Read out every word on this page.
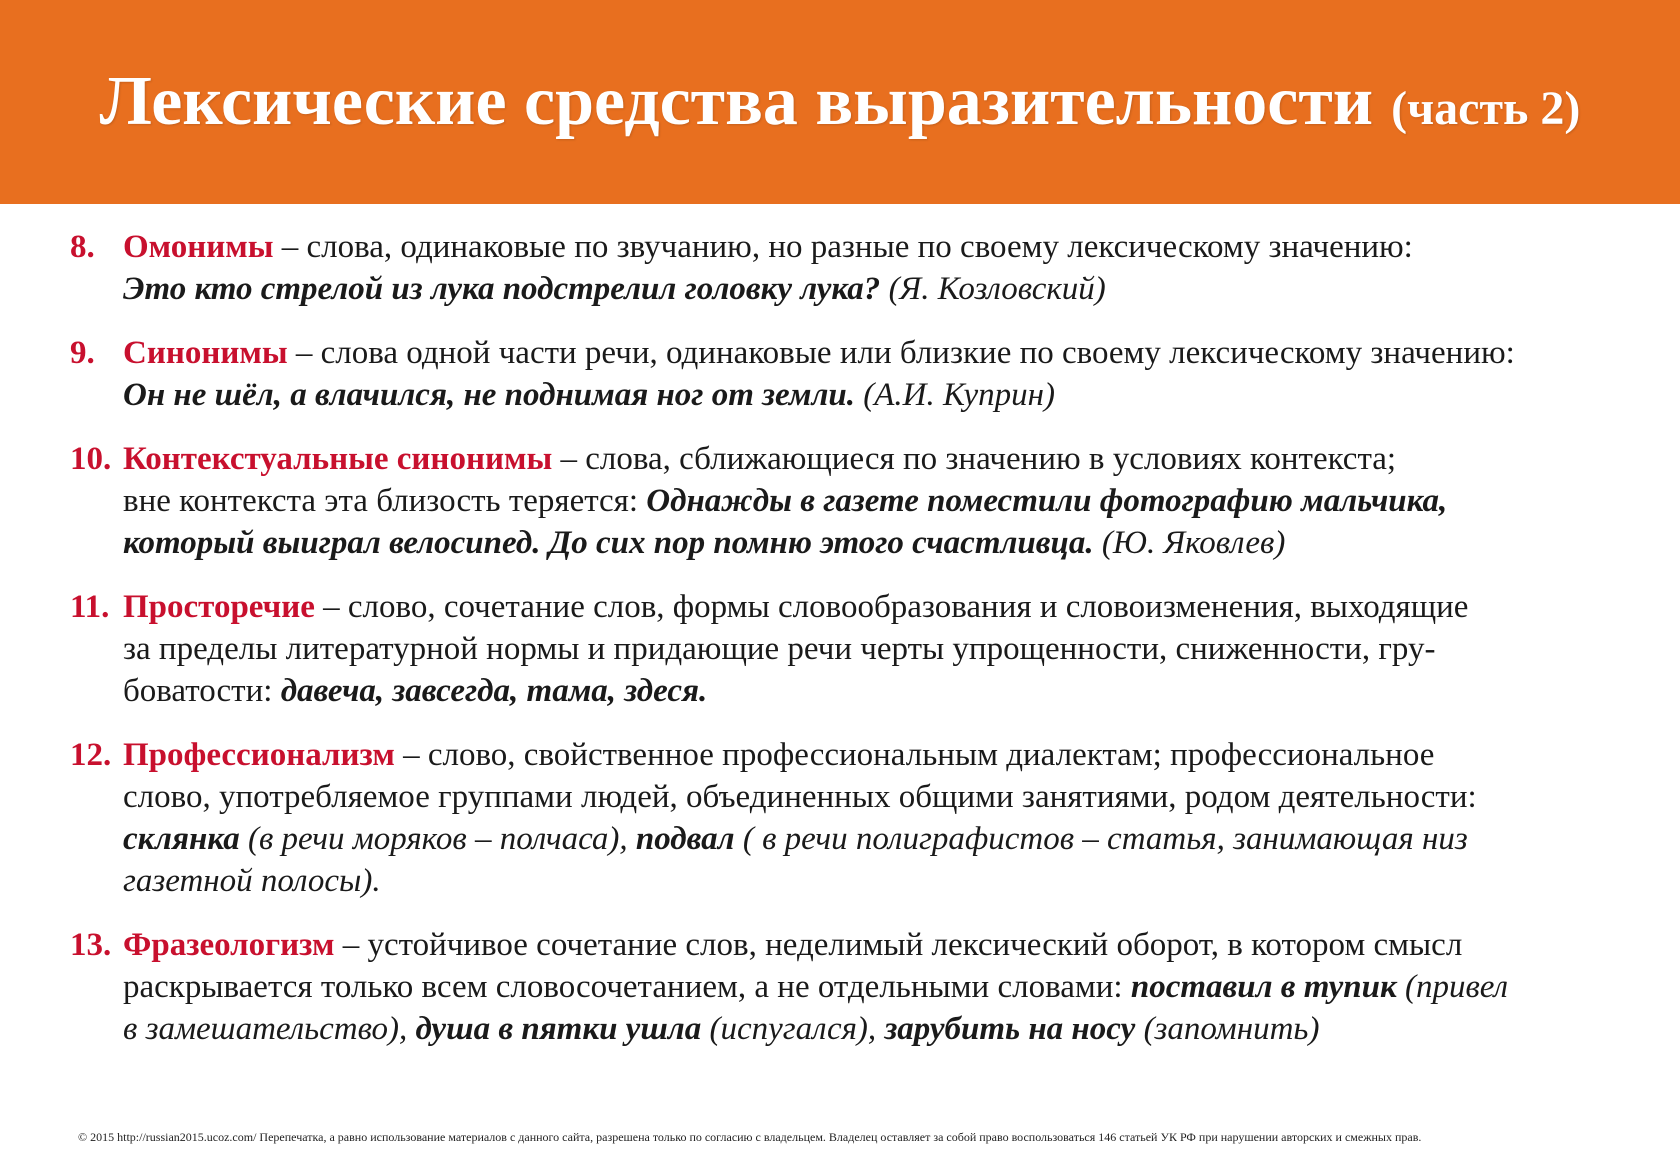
Лексические средства выразительности (часть 2)
8. Омонимы – слова, одинаковые по звучанию, но разные по своему лексическому значению:
Это кто стрелой из лука подстрелил головку лука? (Я. Козловский)
9. Синонимы – слова одной части речи, одинаковые или близкие по своему лексическому значению:
Он не шёл, а влачился, не поднимая ног от земли. (А.И. Куприн)
10. Контекстуальные синонимы – слова, сближающиеся по значению в условиях контекста;
вне контекста эта близость теряется: Однажды в газете поместили фотографию мальчика,
который выиграл велосипед. До сих пор помню этого счастливца. (Ю. Яковлев)
11. Просторечие – слово, сочетание слов, формы словообразования и словоизменения, выходящие
за пределы литературной нормы и придающие речи черты упрощенности, сниженности, гру-
боватости: давеча, завсегда, тама, здеся.
12. Профессионализм – слово, свойственное профессиональным диалектам; профессиональное
слово, употребляемое группами людей, объединенных общими занятиями, родом деятельности:
склянка (в речи моряков – полчаса), подвал ( в речи полиграфистов – статья, занимающая низ
газетной полосы).
13. Фразеологизм – устойчивое сочетание слов, неделимый лексический оборот, в котором смысл
раскрывается только всем словосочетанием, а не отдельными словами: поставил в тупик (привел
в замешательство), душа в пятки ушла (испугался), зарубить на носу (запомнить)
© 2015 http://russian2015.ucoz.com/ Перепечатка, а равно использование материалов с данного сайта, разрешена только по согласию с владельцем. Владелец оставляет за собой право воспользоваться 146 статьей УК РФ при нарушении авторских и смежных прав.
